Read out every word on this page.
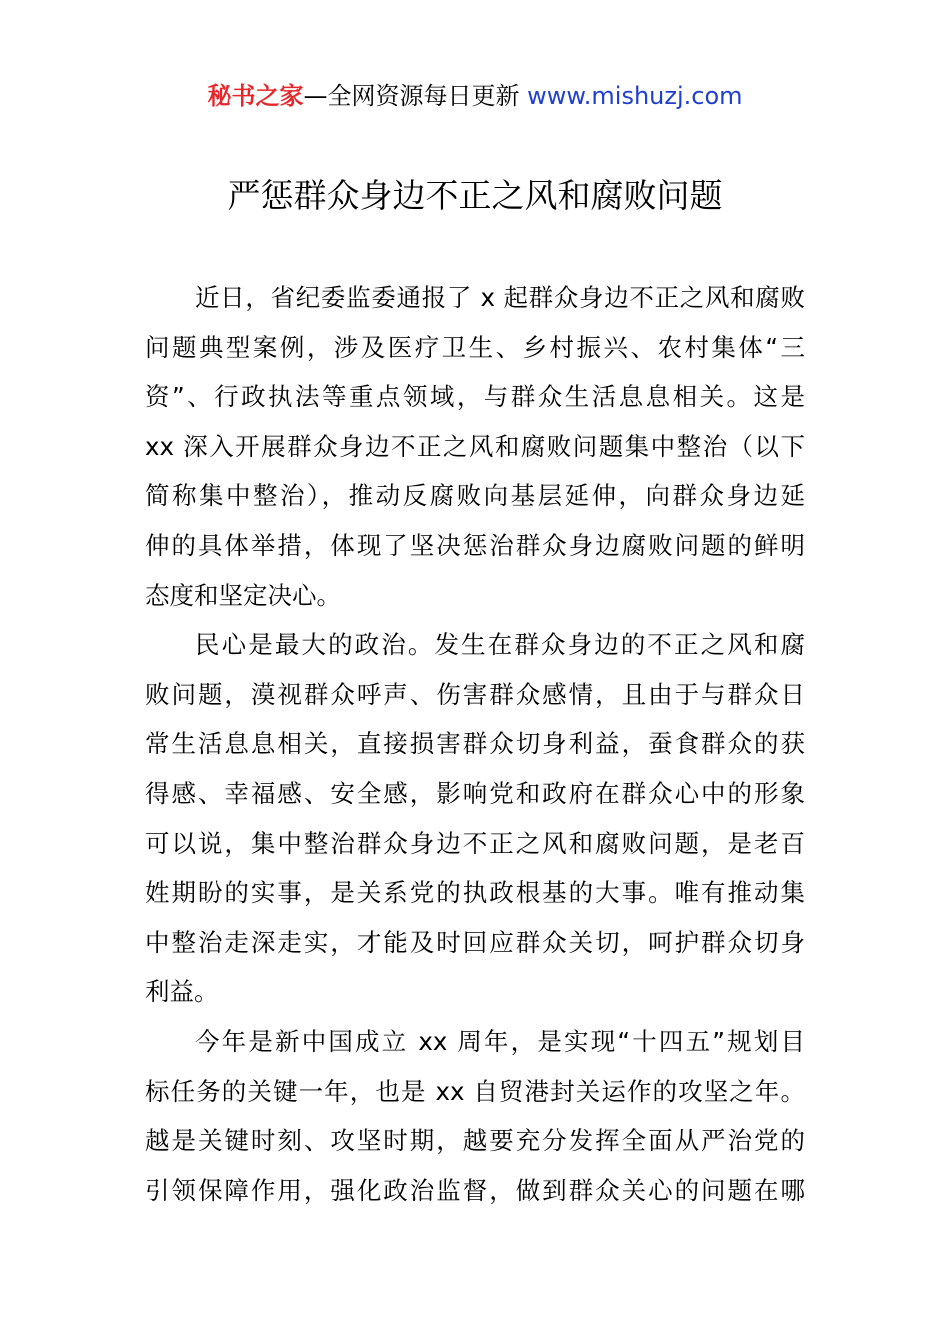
秘书之家—全网资源每日更新 www.mishuzj.com
严惩群众身边不正之风和腐败问题
近日，省纪委监委通报了 x 起群众身边不正之风和腐败
问题典型案例，涉及医疗卫生、乡村振兴、农村集体“三
资”、行政执法等重点领域，与群众生活息息相关。这是
xx 深入开展群众身边不正之风和腐败问题集中整治（以下
简称集中整治），推动反腐败向基层延伸，向群众身边延
伸的具体举措，体现了坚决惩治群众身边腐败问题的鲜明
态度和坚定决心。
民心是最大的政治。发生在群众身边的不正之风和腐
败问题，漠视群众呼声、伤害群众感情，且由于与群众日
常生活息息相关，直接损害群众切身利益，蚕食群众的获
得感、幸福感、安全感，影响党和政府在群众心中的形象
可以说，集中整治群众身边不正之风和腐败问题，是老百
姓期盼的实事，是关系党的执政根基的大事。唯有推动集
中整治走深走实，才能及时回应群众关切，呵护群众切身
利益。
今年是新中国成立 xx 周年，是实现“十四五”规划目
标任务的关键一年，也是 xx 自贸港封关运作的攻坚之年。
越是关键时刻、攻坚时期，越要充分发挥全面从严治党的
引领保障作用，强化政治监督，做到群众关心的问题在哪
